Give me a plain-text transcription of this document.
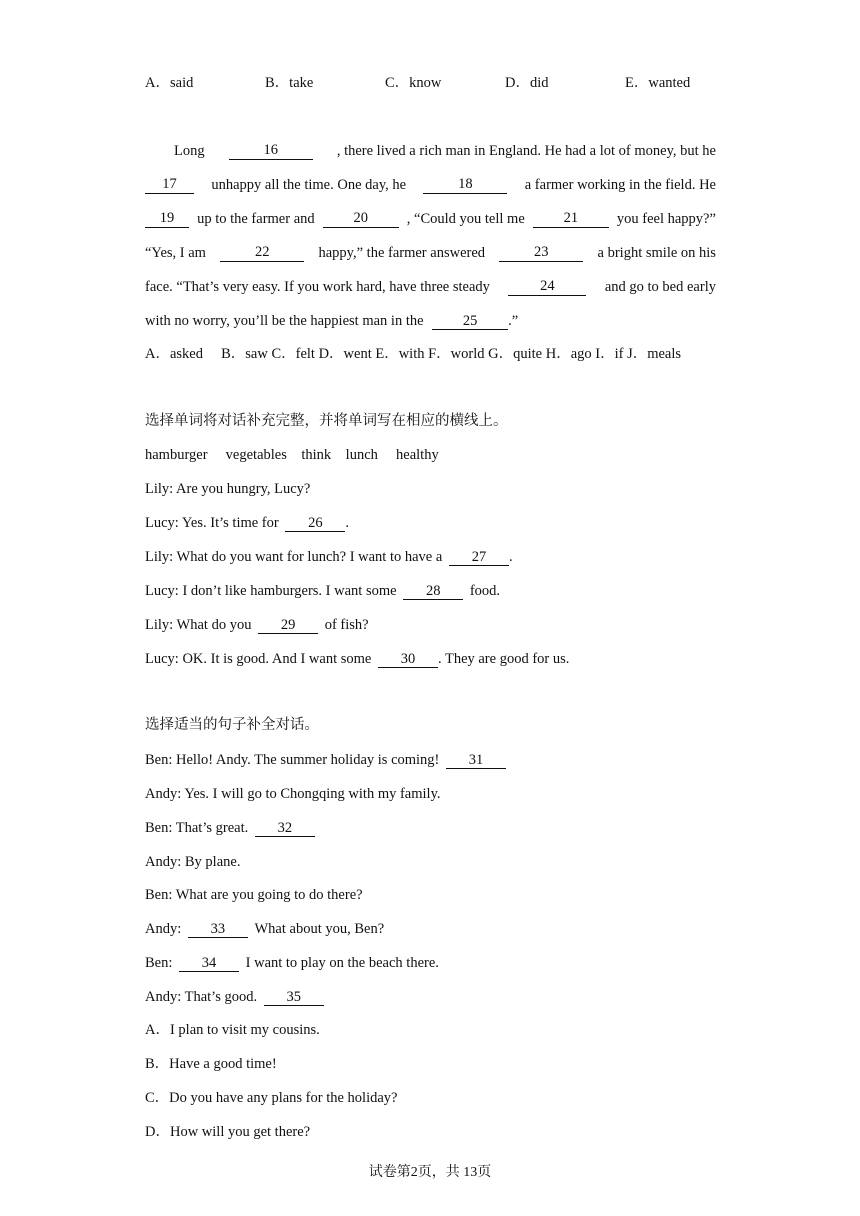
A．said	B．take	C．know	D．did	E．wanted
Long	16	, there lived a rich man in England. He had a lot of money, but he
17	unhappy all the time. One day, he	18	a farmer working in the field. He
19	up to the farmer and	20	, “Could you tell me	21	you feel happy?”
“Yes, I am	22	happy,” the farmer answered	23	a bright smile on his
face. “That’s very easy. If you work hard, have three steady	24	and go to bed early
with no worry, you’ll be the happiest man in the	25 .”
A．asked　 B．saw C．felt D．went E．with F．world G．quite H．ago I．if J．meals
选择单词将对话补充完整，并将单词写在相应的横线上。
hamburger　 vegetables　think　lunch　 healthy
Lily: Are you hungry, Lucy?
Lucy: Yes. It’s time for 26 .
Lily: What do you want for lunch? I want to have a 27 .
Lucy: I don’t like hamburgers. I want some 28 food.
Lily: What do you 29 of fish?
Lucy: OK. It is good. And I want some 30 . They are good for us.
选择适当的句子补全对话。
Ben: Hello! Andy. The summer holiday is coming! 31
Andy: Yes. I will go to Chongqing with my family.
Ben: That’s great. 32
Andy: By plane.
Ben: What are you going to do there?
Andy: 33 What about you, Ben?
Ben: 34 I want to play on the beach there.
Andy: That’s good. 35
A．I plan to visit my cousins.
B．Have a good time!
C．Do you have any plans for the holiday?
D．How will you get there?
试卷第2页，共 13页
